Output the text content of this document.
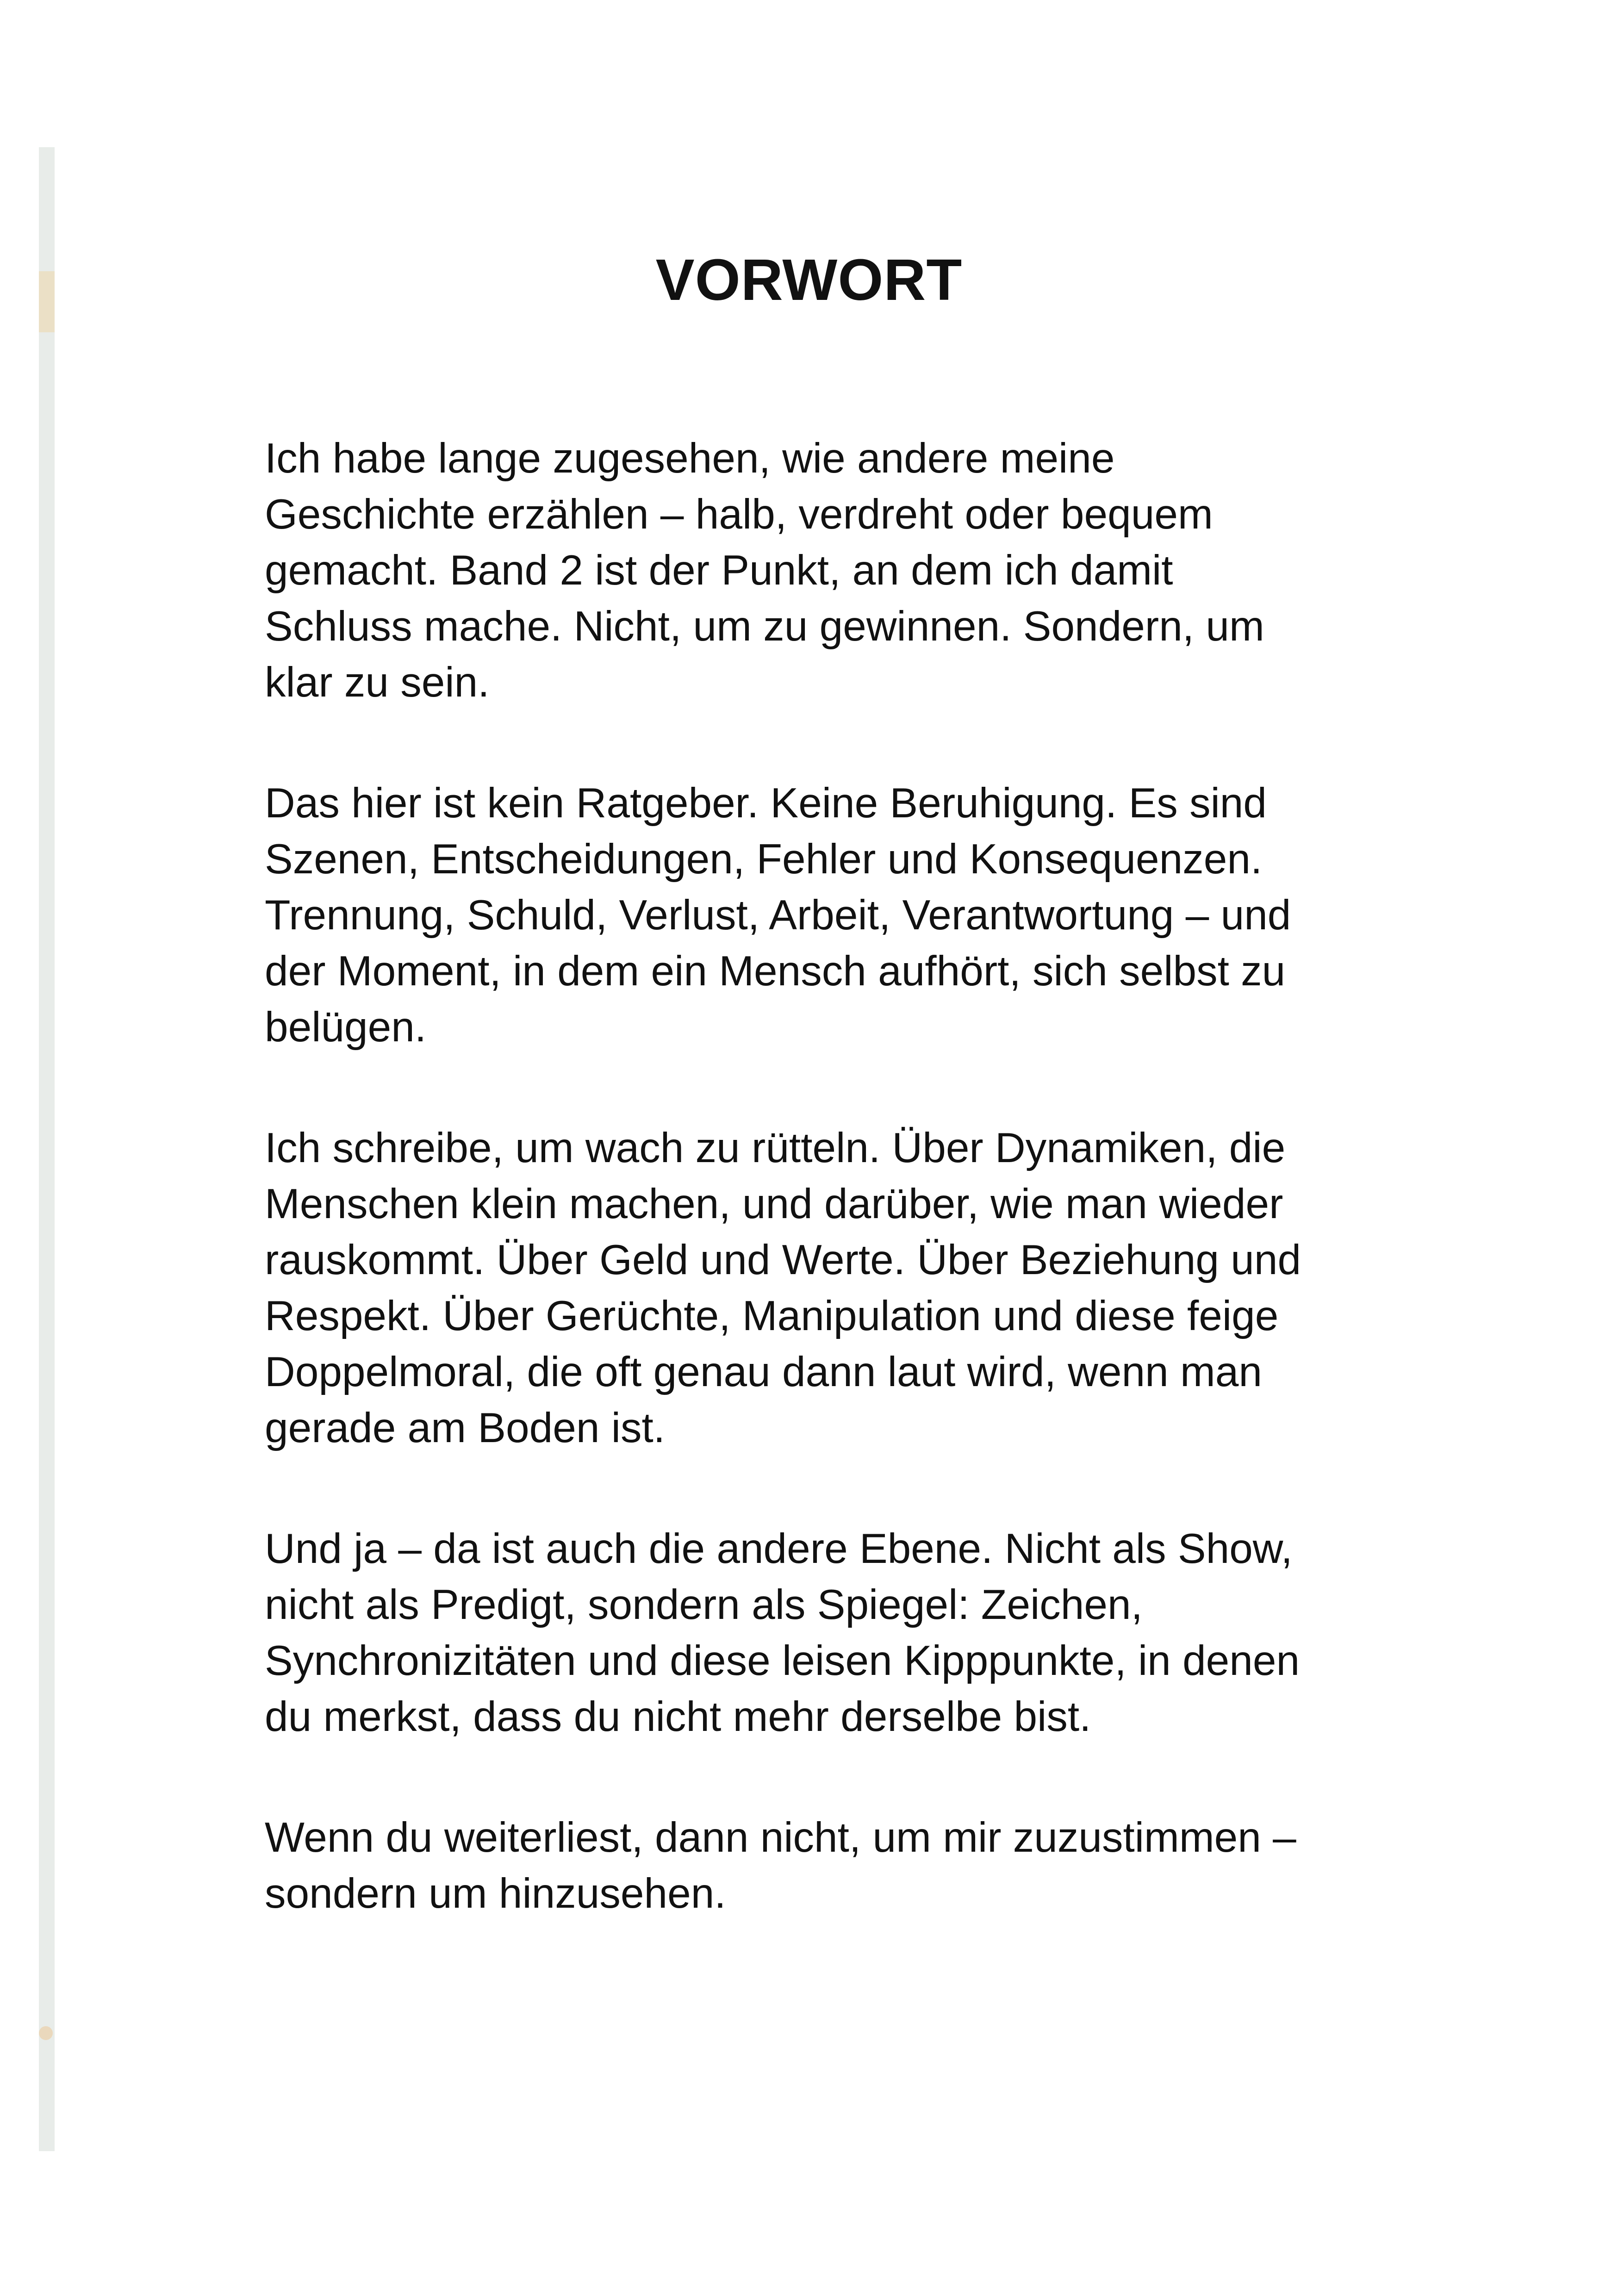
VORWORT

Ich habe lange zugesehen, wie andere meine
Geschichte erzählen – halb, verdreht oder bequem
gemacht. Band 2 ist der Punkt, an dem ich damit
Schluss mache. Nicht, um zu gewinnen. Sondern, um
klar zu sein.

Das hier ist kein Ratgeber. Keine Beruhigung. Es sind
Szenen, Entscheidungen, Fehler und Konsequenzen.
Trennung, Schuld, Verlust, Arbeit, Verantwortung – und
der Moment, in dem ein Mensch aufhört, sich selbst zu
belügen.

Ich schreibe, um wach zu rütteln. Über Dynamiken, die
Menschen klein machen, und darüber, wie man wieder
rauskommt. Über Geld und Werte. Über Beziehung und
Respekt. Über Gerüchte, Manipulation und diese feige
Doppelmoral, die oft genau dann laut wird, wenn man
gerade am Boden ist.

Und ja – da ist auch die andere Ebene. Nicht als Show,
nicht als Predigt, sondern als Spiegel: Zeichen,
Synchronizitäten und diese leisen Kipppunkte, in denen
du merkst, dass du nicht mehr derselbe bist.

Wenn du weiterliest, dann nicht, um mir zuzustimmen –
sondern um hinzusehen.
